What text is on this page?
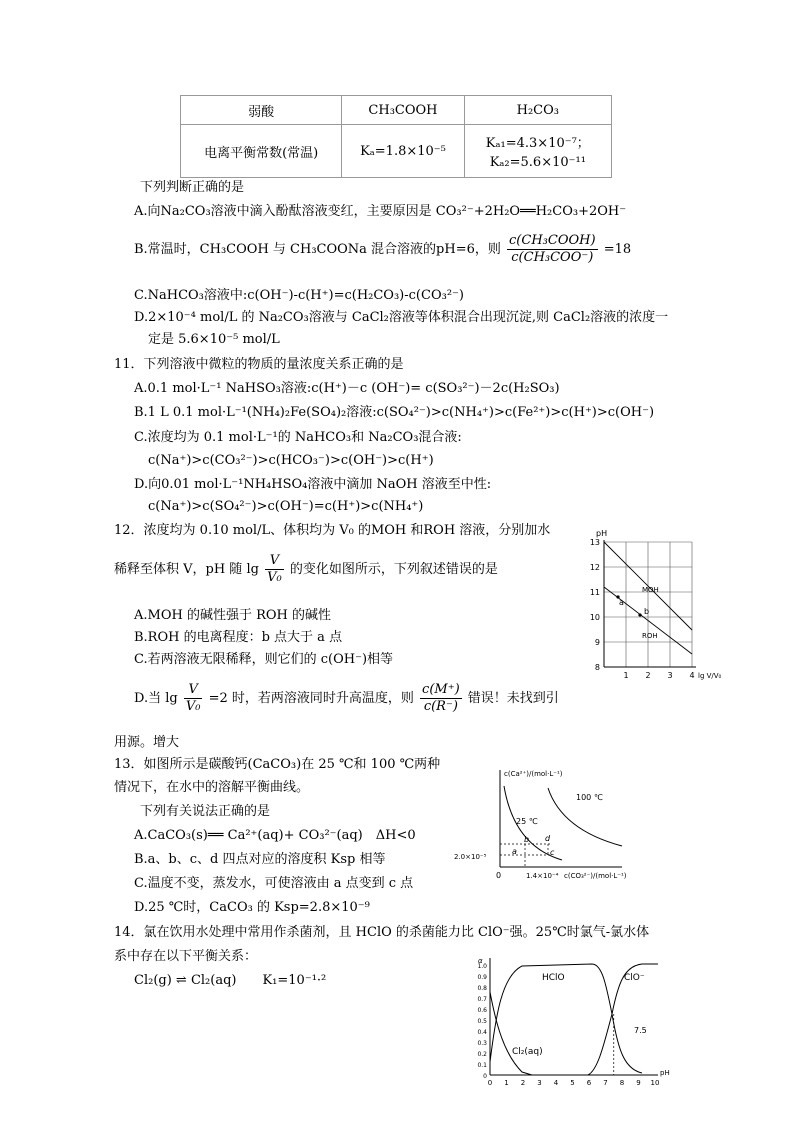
弱酸	CH₃COOH	H₂CO₃
电离平衡常数(常温)	Kₐ=1.8×10⁻⁵	Kₐ₁=4.3×10⁻⁷；
Kₐ₂=5.6×10⁻¹¹
下列判断正确的是
A.向Na₂CO₃溶液中滴入酚酞溶液变红，主要原因是 CO₃²⁻+2H₂O══H₂CO₃+2OH⁻
B.常温时，CH₃COOH 与 CH₃COONa 混合溶液的pH=6，则 $\frac{\text{c(CH₃COOH)}}{\text{c(CH₃COO⁻)}} =18$
C.NaHCO₃溶液中:c(OH⁻)-c(H⁺)=c(H₂CO₃)-c(CO₃²⁻)
D.2×10⁻⁴ mol/L 的 Na₂CO₃溶液与 CaCl₂溶液等体积混合出现沉淀,则 CaCl₂溶液的浓度一
定是 5.6×10⁻⁵ mol/L
11．下列溶液中微粒的物质的量浓度关系正确的是
A.0.1 mol·L⁻¹ NaHSO₃溶液:c(H⁺)－c (OH⁻)= c(SO₃²⁻)－2c(H₂SO₃)
B.1 L 0.1 mol·L⁻¹(NH₄)₂Fe(SO₄)₂溶液:c(SO₄²⁻)>c(NH₄⁺)>c(Fe²⁺)>c(H⁺)>c(OH⁻)
C.浓度均为 0.1 mol·L⁻¹的 NaHCO₃和 Na₂CO₃混合液:
c(Na⁺)>c(CO₃²⁻)>c(HCO₃⁻)>c(OH⁻)>c(H⁺)
D.向0.01 mol·L⁻¹NH₄HSO₄溶液中滴加 NaOH 溶液至中性:
c(Na⁺)>c(SO₄²⁻)>c(OH⁻)=c(H⁺)>c(NH₄⁺)
12．浓度均为 0.10 mol/L、体积均为 V₀ 的MOH 和ROH 溶液，分别加水
稀释至体积 V，pH 随 $\lg \frac{V}{\text{V₀}}$ 的变化如图所示，下列叙述错误的是
A.MOH 的碱性强于 ROH 的碱性
B.ROH 的电离程度：b 点大于 a 点
C.若两溶液无限稀释，则它们的 c(OH⁻)相等
D.当 $\lg \frac{V}{\text{V₀}} =2$ 时，若两溶液同时升高温度，则 $\frac{c(M^+)}{c(R^-)}$ 错误！未找到引
用源。增大
pH
13
12
11
10
9
8
1 2 3 4 lg V/V₀
a
b
MOH
ROH
13．如图所示是碳酸钙(CaCO₃)在 25 ℃和 100 ℃两种
情况下，在水中的溶解平衡曲线。
下列有关说法正确的是
A.CaCO₃(s)══ Ca²⁺(aq)+ CO₃²⁻(aq)　ΔH<0
B.a、b、c、d 四点对应的溶度积 Ksp 相等
C.温度不变，蒸发水，可使溶液由 a 点变到 c 点
D.25 ℃时，CaCO₃ 的 Ksp=2.8×10⁻⁹
c(Ca²⁺)/(mol·L⁻¹)
c(CO₃²⁻)/(mol·L⁻¹)
0
2.0×10⁻⁵
1.4×10⁻⁴
25 ℃
100 ℃
a
b
c
d
14．氯在饮用水处理中常用作杀菌剂，且 HClO 的杀菌能力比 ClO⁻强。25℃时氯气-氯水体
系中存在以下平衡关系：
Cl₂(g) ⇌ Cl₂(aq)　　K₁=10⁻¹·²
α
1.0
0.9
0.8
0.7
0.6
0.5
0.4
0.3
0.2
0.1
0
0 1 2 3 4 5 6 7 8 9 10
pH
HClO	ClO⁻
Cl₂(aq)
7.5
